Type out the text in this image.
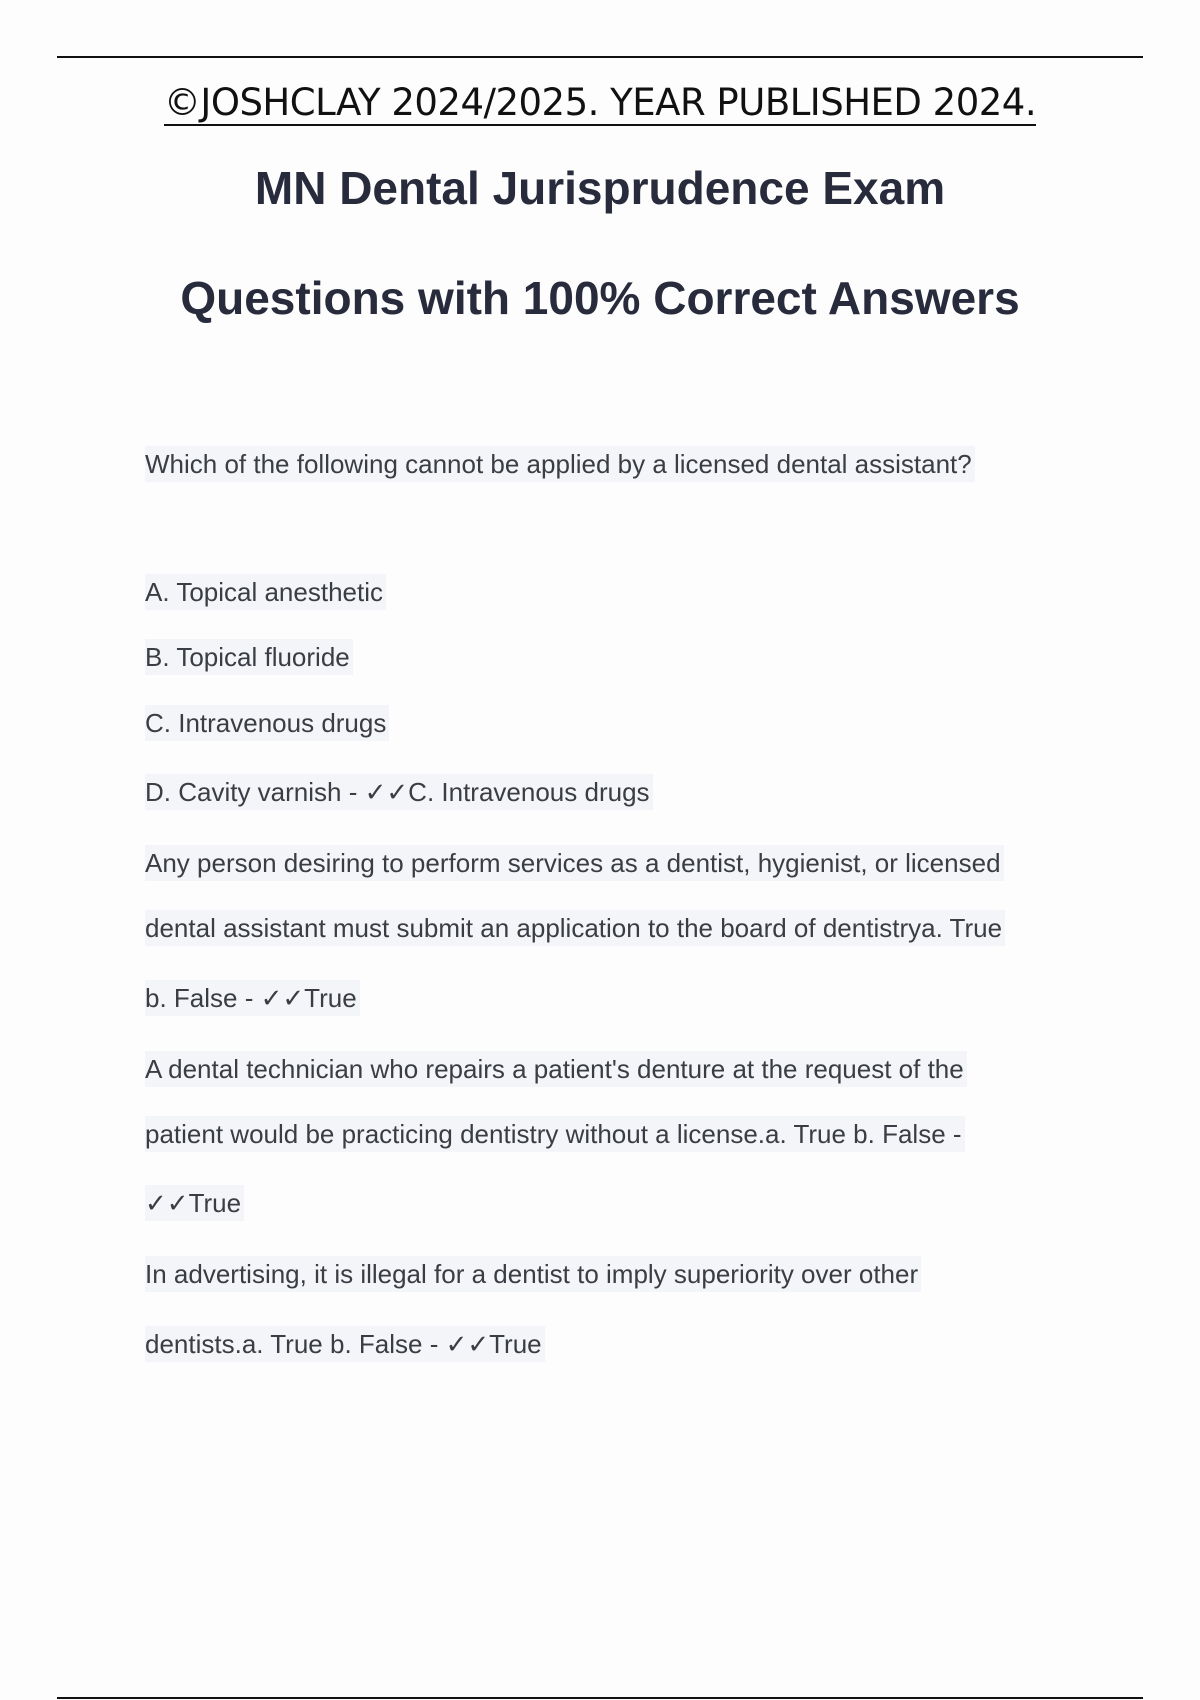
©JOSHCLAY 2024/2025. YEAR PUBLISHED 2024.
MN Dental Jurisprudence Exam
Questions with 100% Correct Answers
Which of the following cannot be applied by a licensed dental assistant?
A. Topical anesthetic
B. Topical fluoride
C. Intravenous drugs
D. Cavity varnish - ✓✓C. Intravenous drugs
Any person desiring to perform services as a dentist, hygienist, or licensed
dental assistant must submit an application to the board of dentistrya. True
b. False - ✓✓True
A dental technician who repairs a patient's denture at the request of the
patient would be practicing dentistry without a license.a. True b. False -
✓✓True
In advertising, it is illegal for a dentist to imply superiority over other
dentists.a. True b. False - ✓✓True
